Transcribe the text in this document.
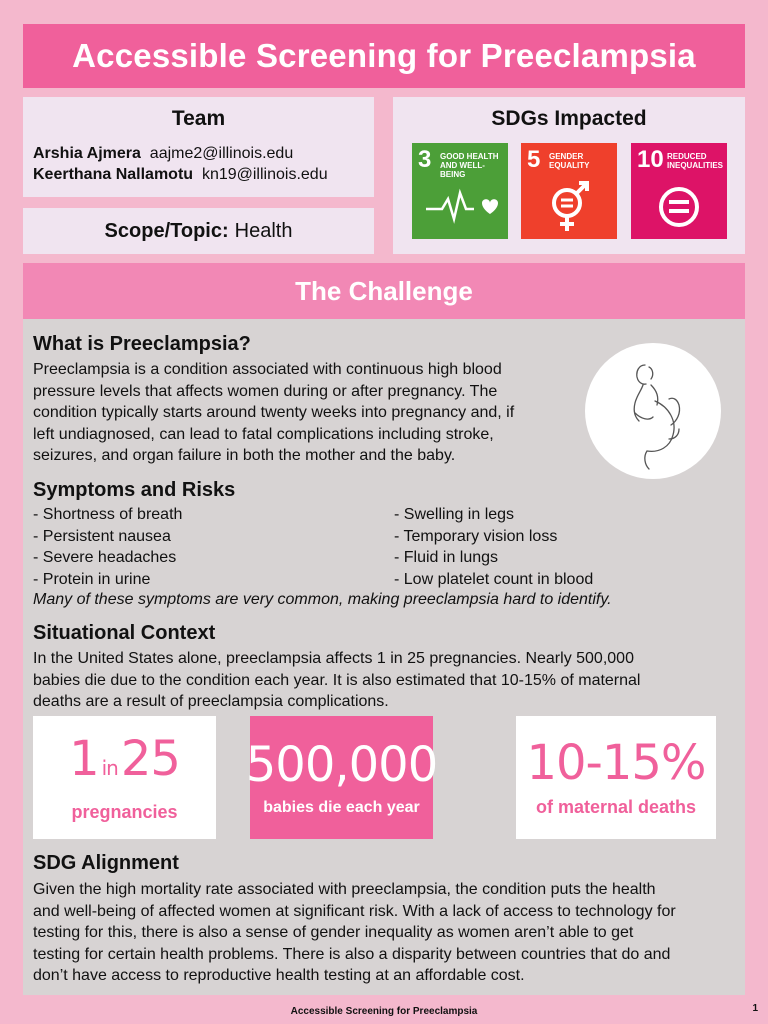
Accessible Screening for Preeclampsia
Team
Arshia Ajmera aajme2@illinois.edu
Keerthana Nallamotu kn19@illinois.edu
Scope/Topic: Health
SDGs Impacted
3 GOOD HEALTH AND WELL-BEING
5 GENDER EQUALITY	10 REDUCED INEQUALITIES
The Challenge
What is Preeclampsia?
Preeclampsia is a condition associated with continuous high blood
pressure levels that affects women during or after pregnancy. The
condition typically starts around twenty weeks into pregnancy and, if
left undiagnosed, can lead to fatal complications including stroke,
seizures, and organ failure in both the mother and the baby.
Symptoms and Risks
- Shortness of breath
- Persistent nausea
- Severe headaches
- Protein in urine
- Swelling in legs
- Temporary vision loss
- Fluid in lungs
- Low platelet count in blood
Many of these symptoms are very common, making preeclampsia hard to identify.
Situational Context
In the United States alone, preeclampsia affects 1 in 25 pregnancies. Nearly 500,000
babies die due to the condition each year. It is also estimated that 10-15% of maternal
deaths are a result of preeclampsia complications.
1 in25
pregnancies
500,000
babies die each year
10-15%
of maternal deaths
SDG Alignment
Given the high mortality rate associated with preeclampsia, the condition puts the health
and well-being of affected women at significant risk. With a lack of access to technology for
testing for this, there is also a sense of gender inequality as women aren’t able to get
testing for certain health problems. There is also a disparity between countries that do and
don’t have access to reproductive health testing at an affordable cost.
Accessible Screening for Preeclampsia	1
